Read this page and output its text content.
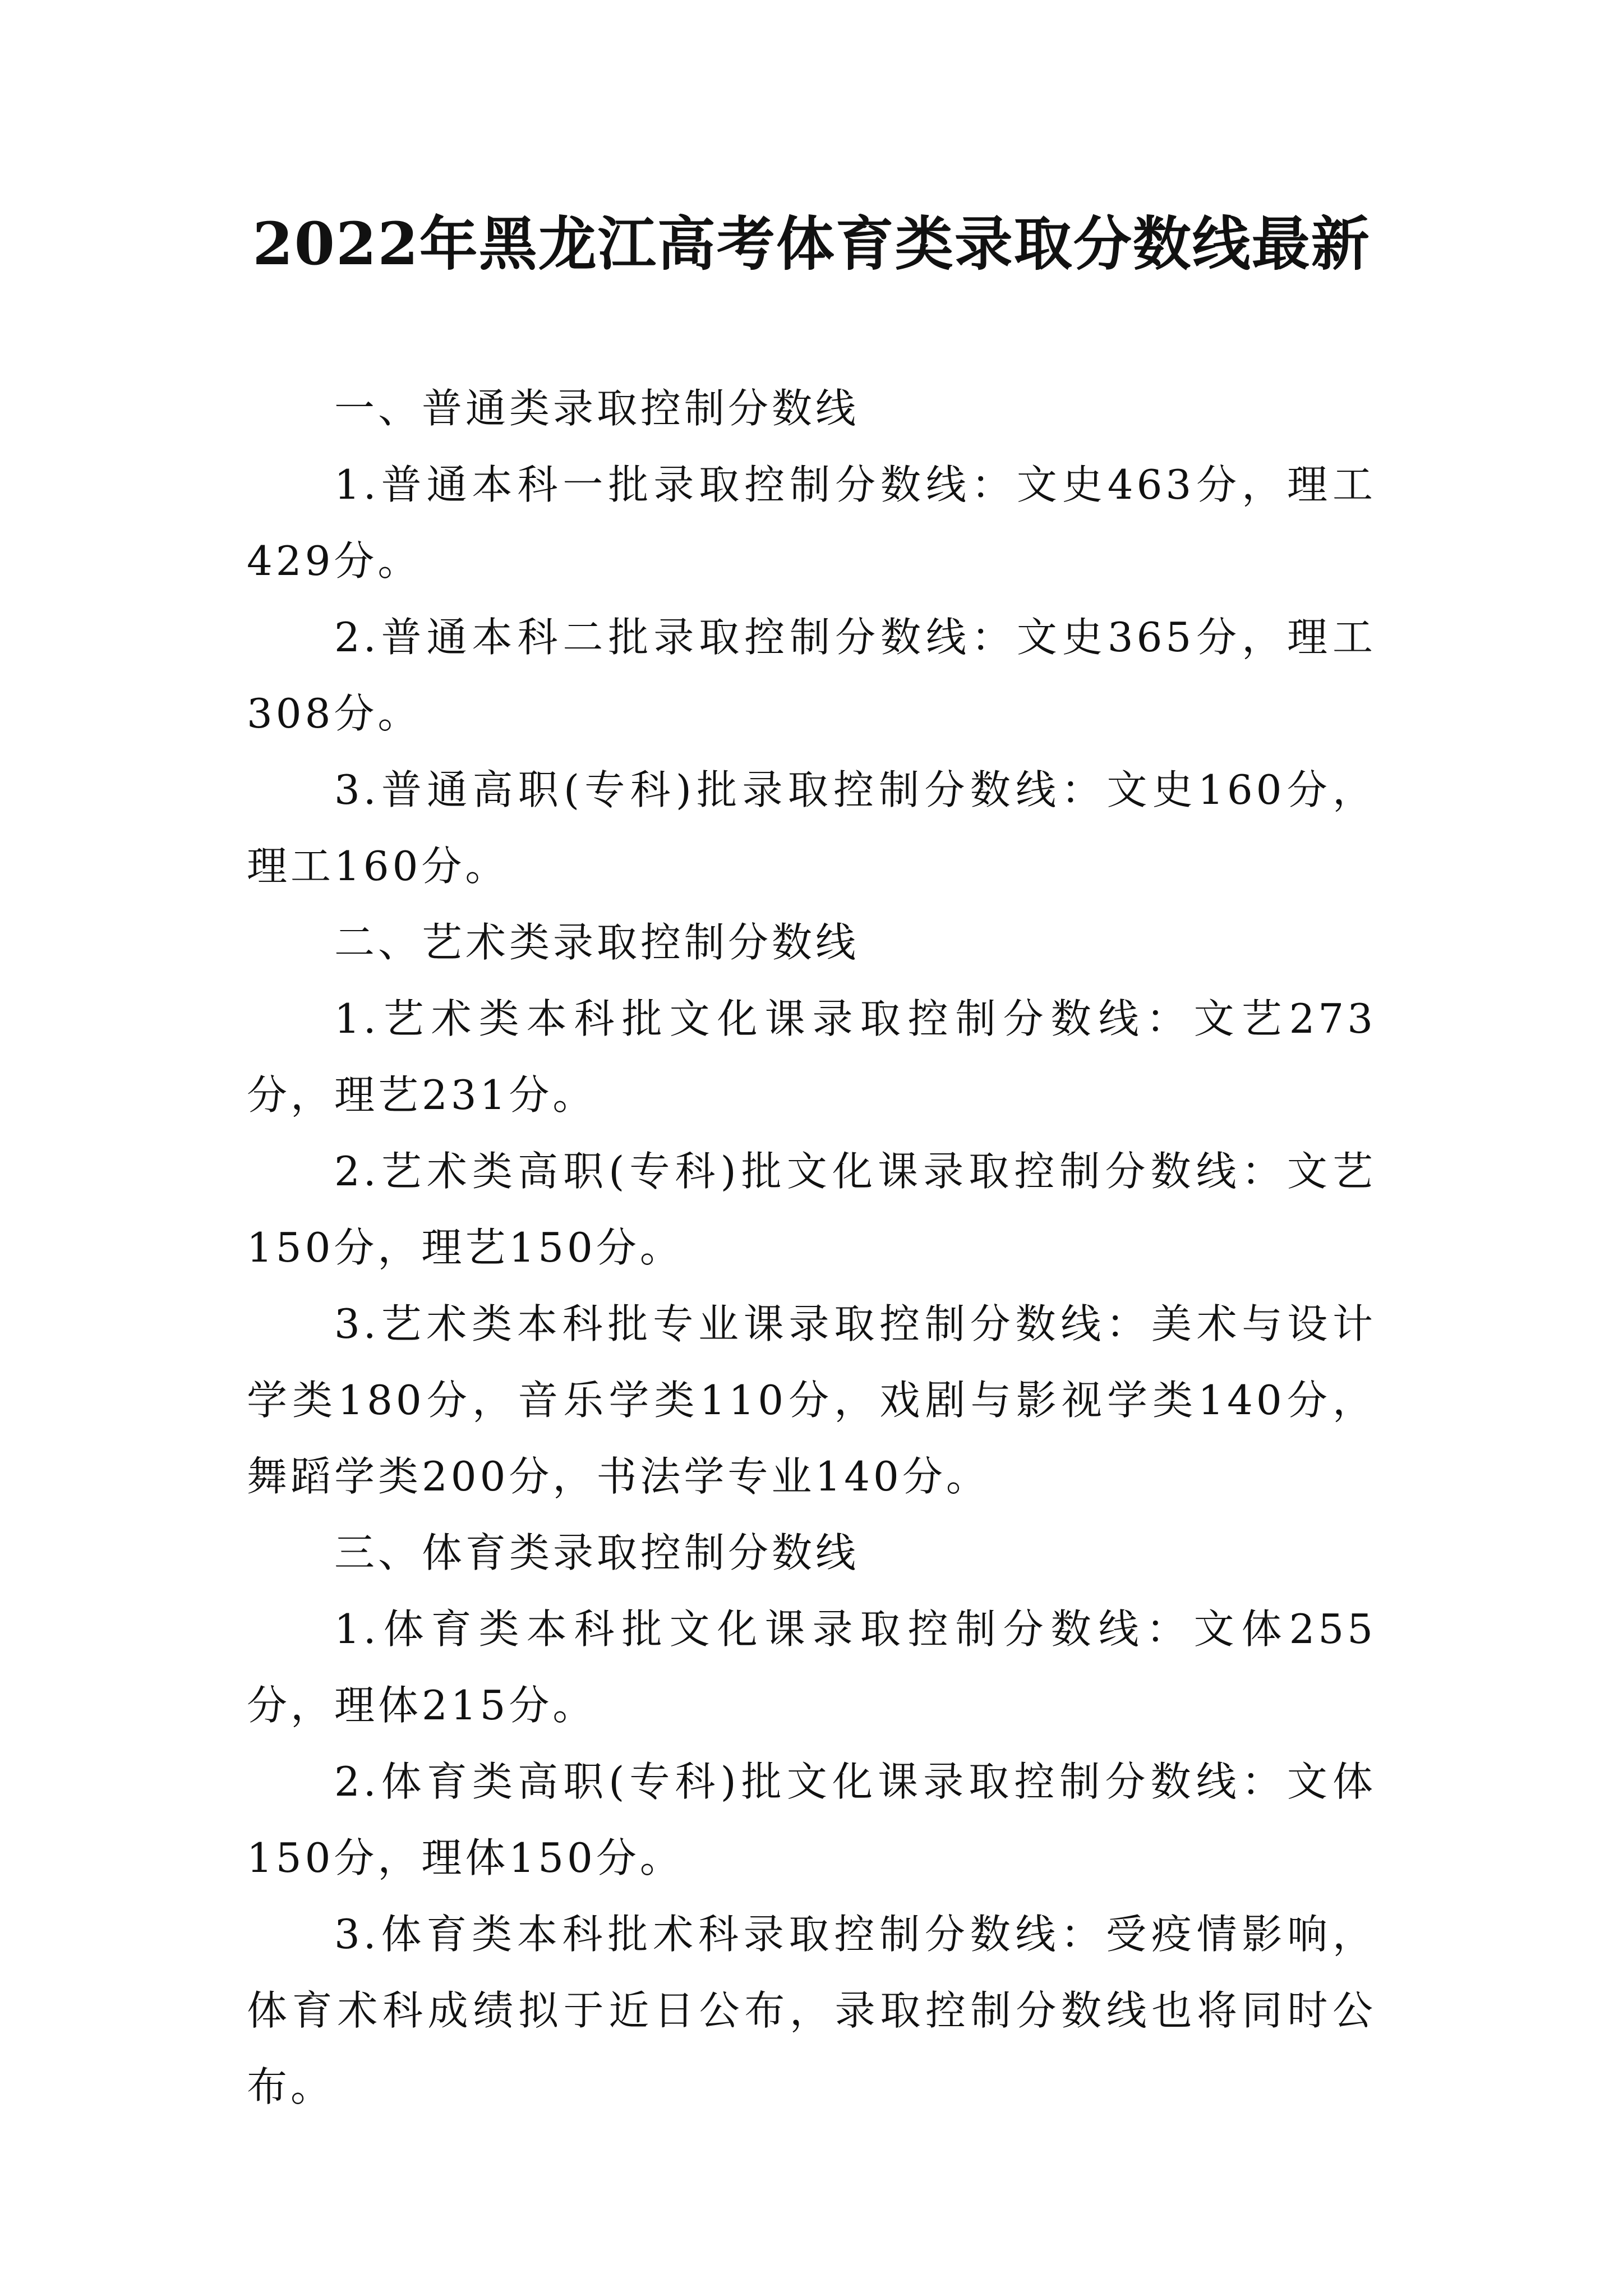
2022年黑龙江高考体育类录取分数线最新

一、普通类录取控制分数线

1.普通本科一批录取控制分数线：文史463分，理工429分。

2.普通本科二批录取控制分数线：文史365分，理工308分。

3.普通高职(专科)批录取控制分数线：文史160分，理工160分。

二、艺术类录取控制分数线

1.艺术类本科批文化课录取控制分数线：文艺273分，理艺231分。

2.艺术类高职(专科)批文化课录取控制分数线：文艺150分，理艺150分。

3.艺术类本科批专业课录取控制分数线：美术与设计学类180分，音乐学类110分，戏剧与影视学类140分，舞蹈学类200分，书法学专业140分。

三、体育类录取控制分数线

1.体育类本科批文化课录取控制分数线：文体255分，理体215分。

2.体育类高职(专科)批文化课录取控制分数线：文体150分，理体150分。

3.体育类本科批术科录取控制分数线：受疫情影响，体育术科成绩拟于近日公布，录取控制分数线也将同时公布。
